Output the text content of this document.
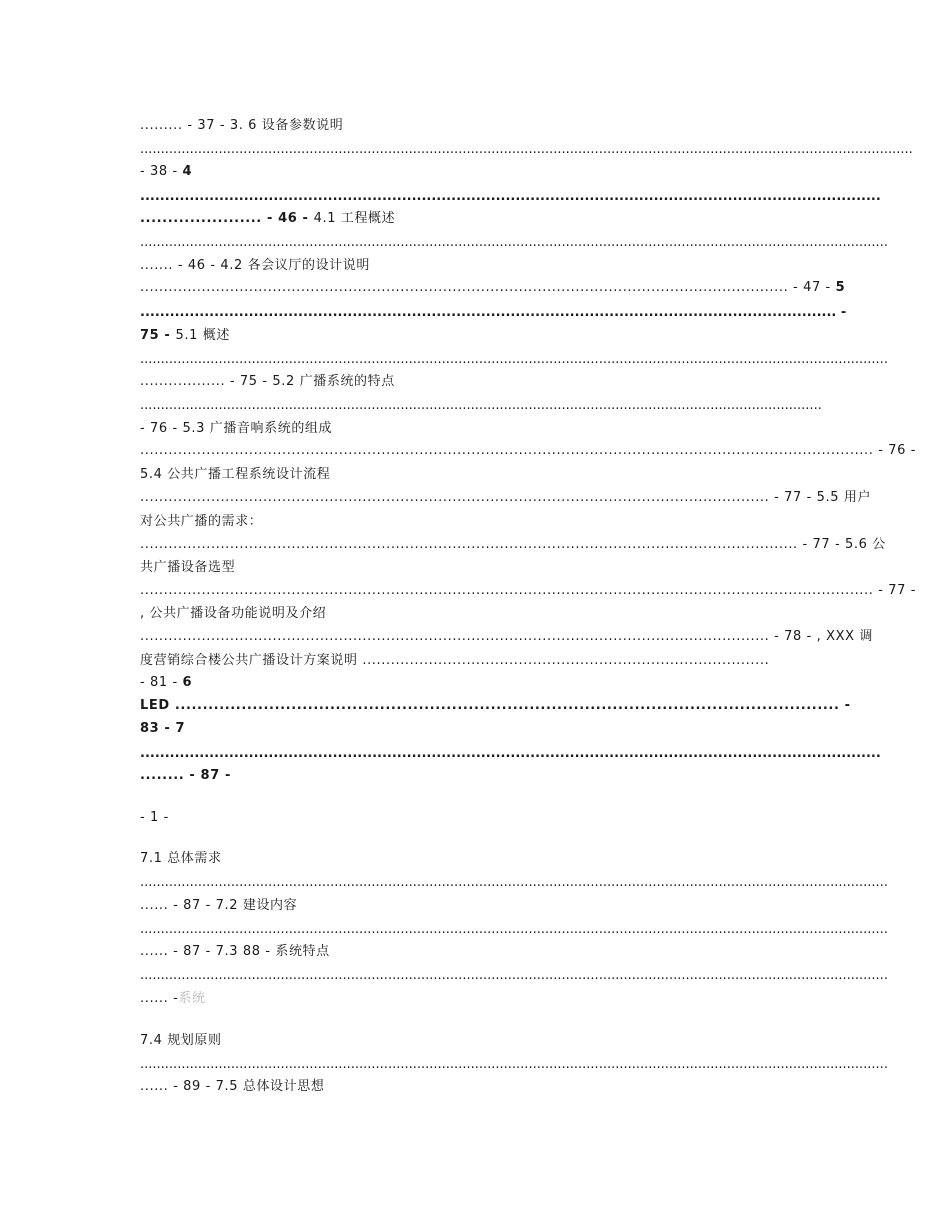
......... - 37 - 3. 6 设备参数说明
...........................................................................................................................................................................................
- 38 - 4
......................................................................................................................................................
...................... - 46 - 4.1 工程概述
.....................................................................................................................................................................................
....... - 46 - 4.2 各会议厅的设计说明
......................................................................................................................................... - 47 - 5
............................................................................................................................................. -
75 - 5.1 概述
.....................................................................................................................................................................................
.................. - 75 - 5.2 广播系统的特点
.....................................................................................................................................................................
- 76 - 5.3 广播音响系统的组成
........................................................................................................................................................... - 76 -
5.4 公共广播工程系统设计流程
..................................................................................................................................... - 77 - 5.5 用户
对公共广播的需求：
........................................................................................................................................... - 77 - 5.6 公
共广播设备选型
........................................................................................................................................................... - 77 -
, 公共广播设备功能说明及介绍
..................................................................................................................................... - 78 - , XXX 调
度营销综合楼公共广播设计方案说明 ......................................................................................
- 81 - 6
LED ........................................................................................................................ -
83 - 7
......................................................................................................................................................
........ - 87 -
- 1 -
7.1 总体需求
.....................................................................................................................................................................................
...... - 87 - 7.2 建设内容
.....................................................................................................................................................................................
...... - 87 - 7.3 88 - 系统特点
.....................................................................................................................................................................................
...... -系统
7.4 规划原则
.....................................................................................................................................................................................
...... - 89 - 7.5 总体设计思想
